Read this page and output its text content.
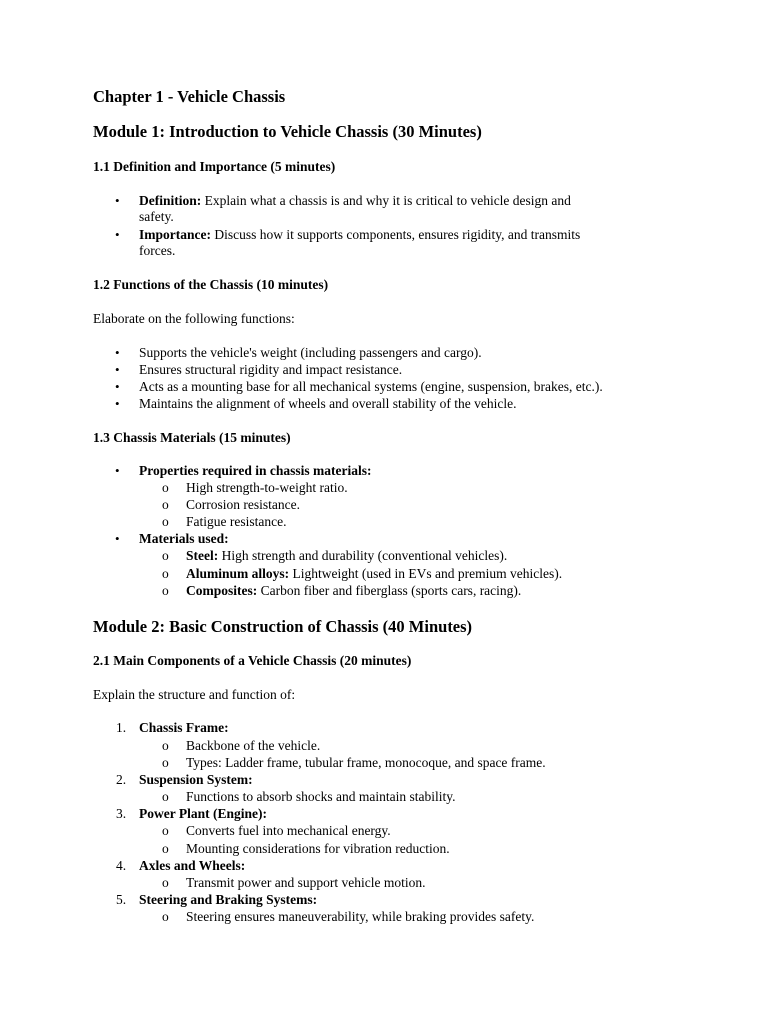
Chapter 1 - Vehicle Chassis
Module 1: Introduction to Vehicle Chassis (30 Minutes)
1.1 Definition and Importance (5 minutes)
• Definition: Explain what a chassis is and why it is critical to vehicle design and
safety.
• Importance: Discuss how it supports components, ensures rigidity, and transmits
forces.
1.2 Functions of the Chassis (10 minutes)
Elaborate on the following functions:
• Supports the vehicle's weight (including passengers and cargo).
• Ensures structural rigidity and impact resistance.
• Acts as a mounting base for all mechanical systems (engine, suspension, brakes, etc.).
• Maintains the alignment of wheels and overall stability of the vehicle.
1.3 Chassis Materials (15 minutes)
• Properties required in chassis materials:
o High strength-to-weight ratio.
o Corrosion resistance.
o Fatigue resistance.
• Materials used:
o Steel: High strength and durability (conventional vehicles).
o Aluminum alloys: Lightweight (used in EVs and premium vehicles).
o Composites: Carbon fiber and fiberglass (sports cars, racing).
Module 2: Basic Construction of Chassis (40 Minutes)
2.1 Main Components of a Vehicle Chassis (20 minutes)
Explain the structure and function of:
1. Chassis Frame:
o Backbone of the vehicle.
o Types: Ladder frame, tubular frame, monocoque, and space frame.
2. Suspension System:
o Functions to absorb shocks and maintain stability.
3. Power Plant (Engine):
o Converts fuel into mechanical energy.
o Mounting considerations for vibration reduction.
4. Axles and Wheels:
o Transmit power and support vehicle motion.
5. Steering and Braking Systems:
o Steering ensures maneuverability, while braking provides safety.
